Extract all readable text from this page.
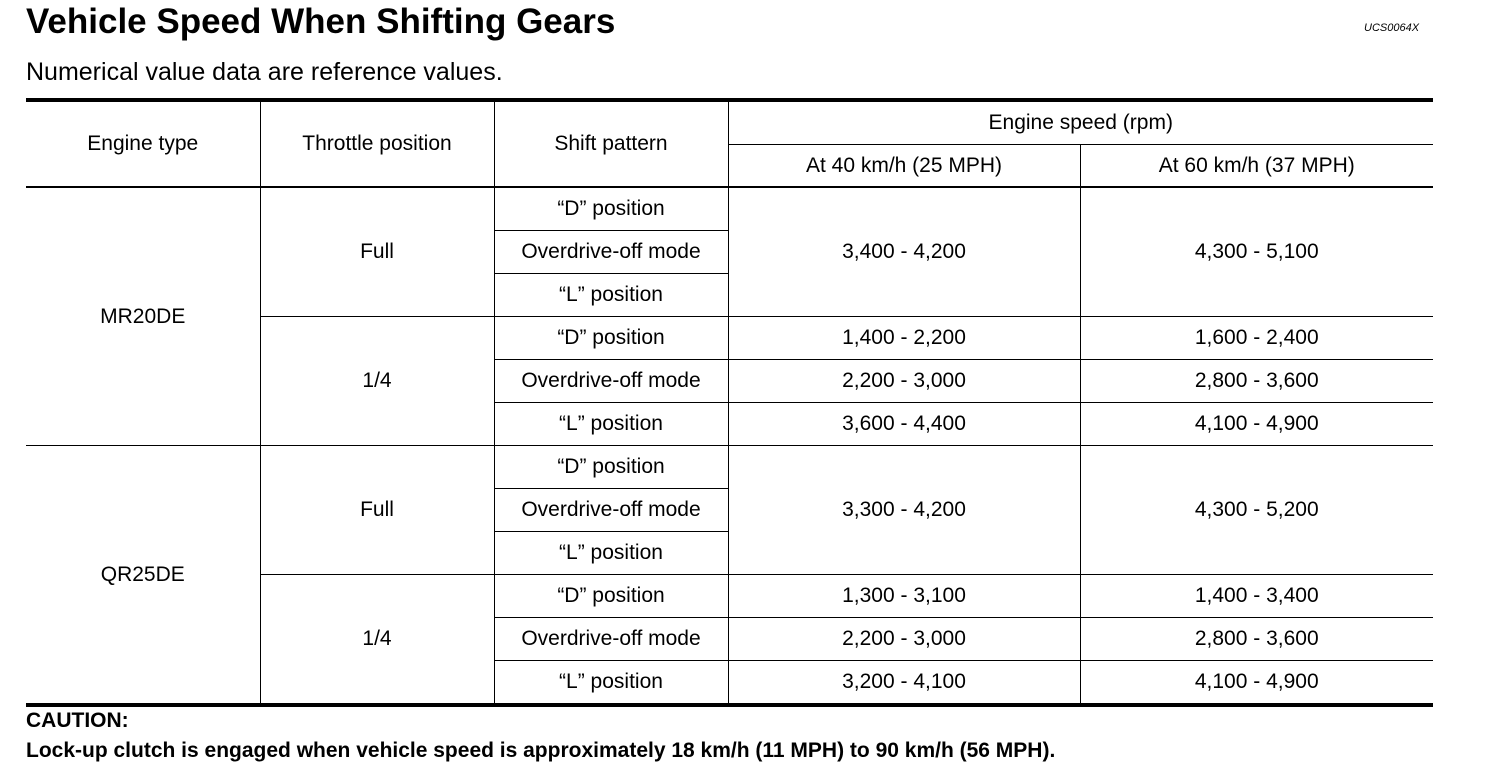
Vehicle Speed When Shifting Gears	UCS0064X
Numerical value data are reference values.
Engine type	Throttle position	Shift pattern	Engine speed (rpm)	
			At 40 km/h (25 MPH)	At 60 km/h (37 MPH)
MR20DE	Full	“D” position	3,400 - 4,200	4,300 - 5,100
		Overdrive-off mode		
		“L” position		
	1/4	“D” position	1,400 - 2,200	1,600 - 2,400
		Overdrive-off mode	2,200 - 3,000	2,800 - 3,600
		“L” position	3,600 - 4,400	4,100 - 4,900
QR25DE	Full	“D” position	3,300 - 4,200	4,300 - 5,200
		Overdrive-off mode		
		“L” position		
	1/4	“D” position	1,300 - 3,100	1,400 - 3,400
		Overdrive-off mode	2,200 - 3,000	2,800 - 3,600
		“L” position	3,200 - 4,100	4,100 - 4,900
CAUTION:
Lock-up clutch is engaged when vehicle speed is approximately 18 km/h (11 MPH) to 90 km/h (56 MPH).
